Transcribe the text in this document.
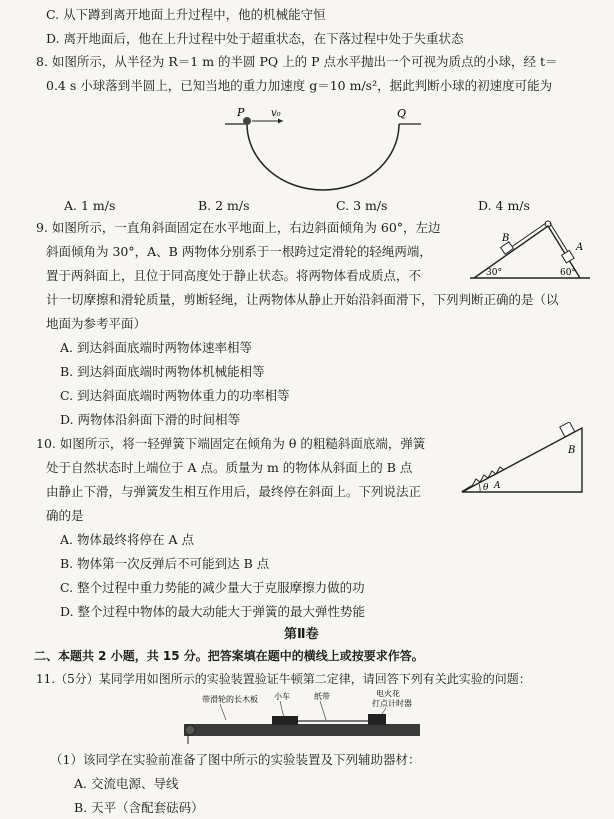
C. 从下蹲到离开地面上升过程中，他的机械能守恒
D. 离开地面后，他在上升过程中处于超重状态，在下落过程中处于失重状态
8. 如图所示，从半径为 R＝1 m 的半圆 PQ 上的 P 点水平抛出一个可视为质点的小球，经 t＝
0.4 s 小球落到半圆上，已知当地的重力加速度 g＝10 m/s²，据此判断小球的初速度可能为
P	v₀	Q
A. 1 m/s	B. 2 m/s	C. 3 m/s	D. 4 m/s
9. 如图所示，一直角斜面固定在水平地面上，右边斜面倾角为 60°，左边
斜面倾角为 30°，A、B 两物体分别系于一根跨过定滑轮的轻绳两端，
置于两斜面上，且位于同高度处于静止状态。将两物体看成质点，不
计一切摩擦和滑轮质量，剪断轻绳，让两物体从静止开始沿斜面滑下，下列判断正确的是（以
地面为参考平面）
B
A
30°	60°
A. 到达斜面底端时两物体速率相等
B. 到达斜面底端时两物体机械能相等
C. 到达斜面底端时两物体重力的功率相等
D. 两物体沿斜面下滑的时间相等
10. 如图所示，将一轻弹簧下端固定在倾角为 θ 的粗糙斜面底端，弹簧
处于自然状态时上端位于 A 点。质量为 m 的物体从斜面上的 B 点
由静止下滑，与弹簧发生相互作用后，最终停在斜面上。下列说法正
确的是
B
θ A
A. 物体最终将停在 A 点
B. 物体第一次反弹后不可能到达 B 点
C. 整个过程中重力势能的减少量大于克服摩擦力做的功
D. 整个过程中物体的最大动能大于弹簧的最大弹性势能
第Ⅱ卷
二、本题共 2 小题，共 15 分。把答案填在题中的横线上或按要求作答。
11.（5分）某同学用如图所示的实验装置验证牛顿第二定律，请回答下列有关此实验的问题：
带滑轮的长木板 小车	纸带	电火花
打点计时器
（1）该同学在实验前准备了图中所示的实验装置及下列辅助器材：
A. 交流电源、导线
B. 天平（含配套砝码）
